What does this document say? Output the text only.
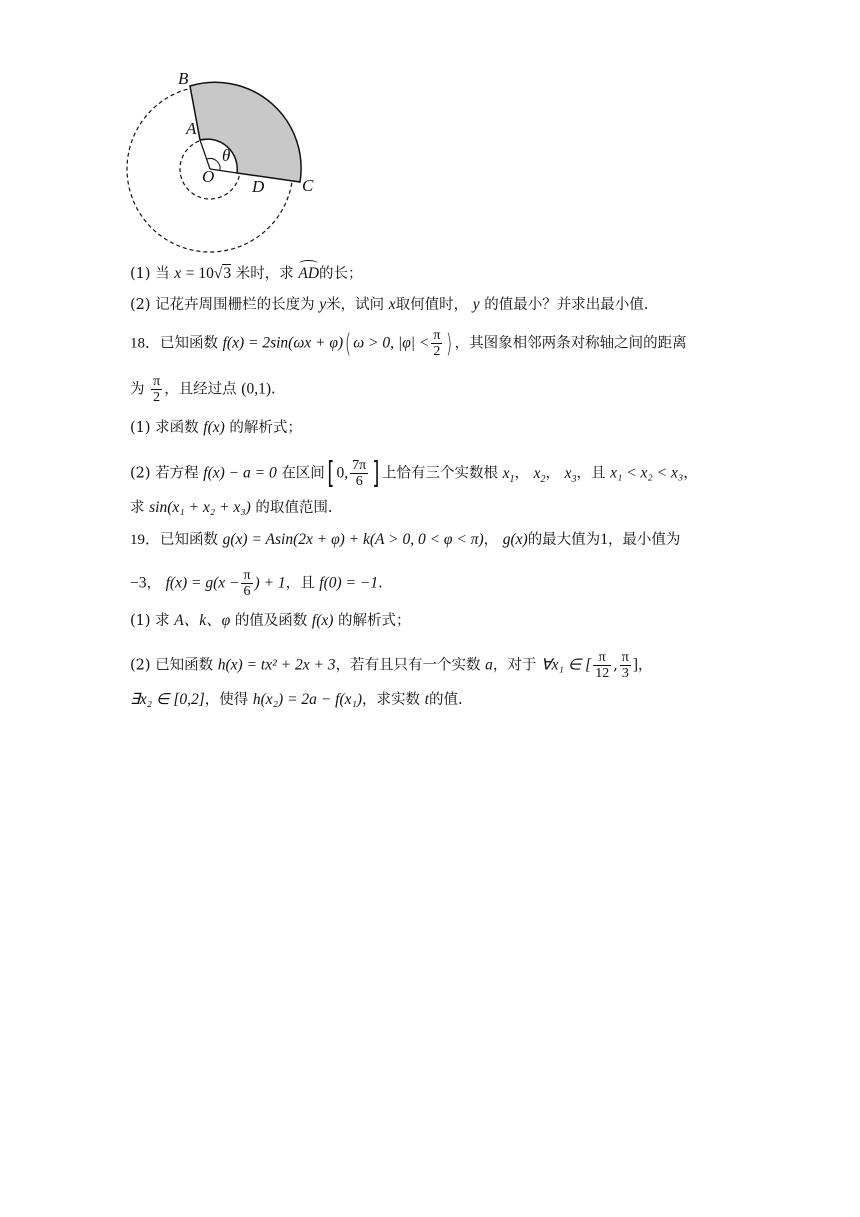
B
A
O
D C
θ
(1) 当 x = 10√3 米时，求 AD的长；
(2) 记花卉周围栅栏的长度为 y米，试问 x取何值时， y 的值最小？并求出最小值.
18．已知函数 f(x) = 2sin(ωx + φ)( ω > 0, $|\varphi| < \frac{\pi}{2}$ ) ，其图象相邻两条对称轴之间的距离
为 $\frac{\pi}{2}$ ，且经过点 (0,1).
(1) 求函数 f(x) 的解析式；
(2) 若方程 f(x) − a = 0 在区间[ 0, $\frac{7\pi}{6}$ ] 上恰有三个实数根 $x_1$， $x_2$， $x_3$，且 x₁ < x₂ < x₃，
求 sin(x₁ + x₂ + x₃) 的取值范围.
19．已知函数 g(x) = Asin(2x + φ) + k(A > 0, 0 < φ < π)， g(x)的最大值为1，最小值为
−3， $f(x) = g(x - \frac{\pi}{6}$ ) + 1，且 f(0) = −1.
(1) 求 A、k、φ 的值及函数 f(x) 的解析式；
(2) 已知函数 h(x) = tx² + 2x + 3，若有且只有一个实数 a，对于 ∀x₁ ∈ [ $\frac{\pi}{12}$ , $\frac{\pi}{3}$ ]，
∃x₂ ∈ [0,2]，使得 h(x₂) = 2a − f(x₁)，求实数 t的值.
